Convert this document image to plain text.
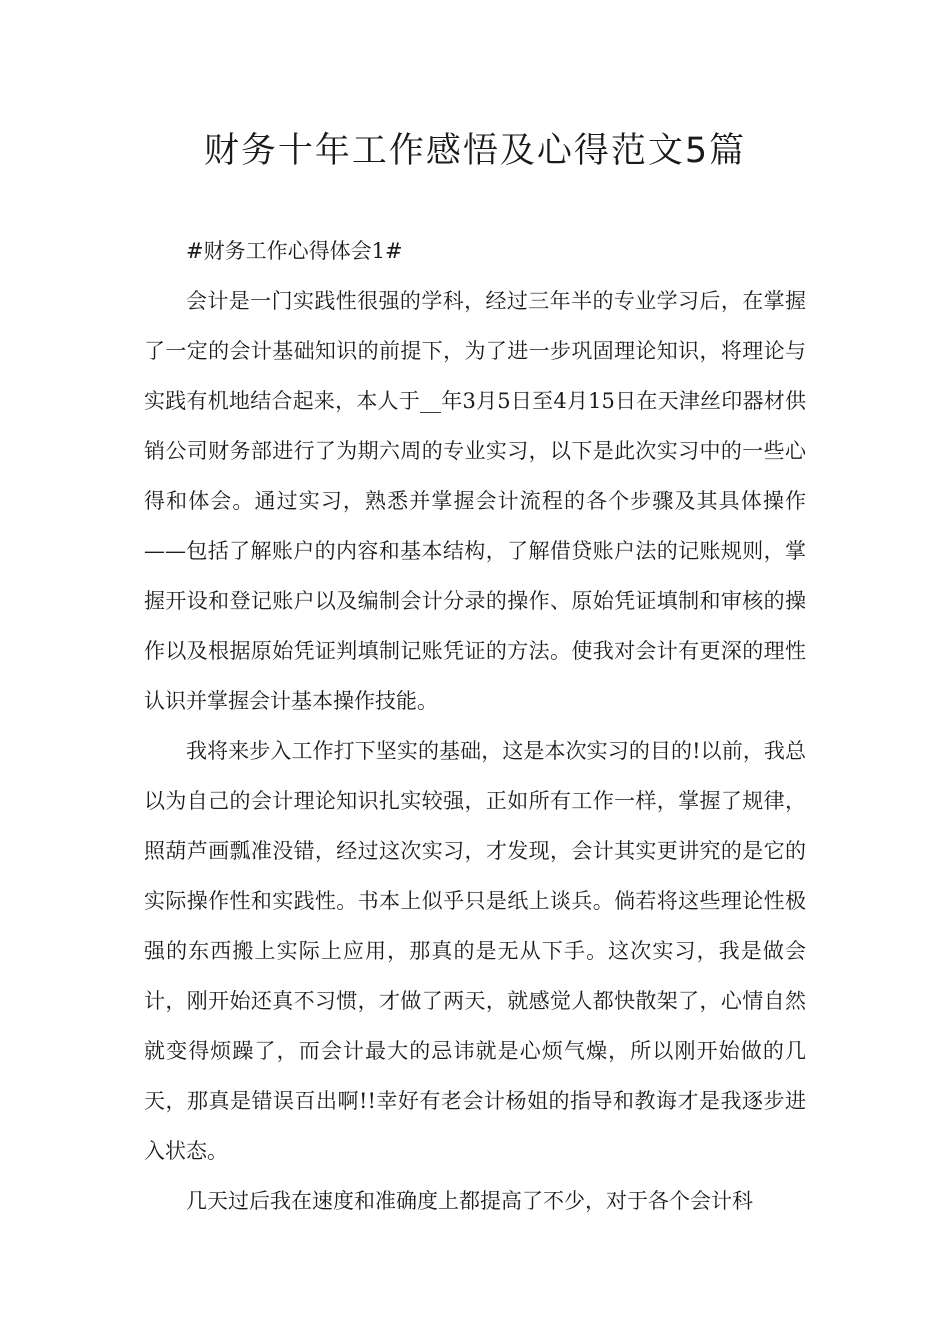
财务十年工作感悟及心得范文5篇

#财务工作心得体会1#

会计是一门实践性很强的学科，经过三年半的专业学习后，在掌握了一定的会计基础知识的前提下，为了进一步巩固理论知识，将理论与实践有机地结合起来，本人于__年3月5日至4月15日在天津丝印器材供销公司财务部进行了为期六周的专业实习，以下是此次实习中的一些心得和体会。通过实习，熟悉并掌握会计流程的各个步骤及其具体操作——包括了解账户的内容和基本结构，了解借贷账户法的记账规则，掌握开设和登记账户以及编制会计分录的操作、原始凭证填制和审核的操作以及根据原始凭证判填制记账凭证的方法。使我对会计有更深的理性认识并掌握会计基本操作技能。

我将来步入工作打下坚实的基础，这是本次实习的目的!以前，我总以为自己的会计理论知识扎实较强，正如所有工作一样，掌握了规律，照葫芦画瓢准没错，经过这次实习，才发现，会计其实更讲究的是它的实际操作性和实践性。书本上似乎只是纸上谈兵。倘若将这些理论性极强的东西搬上实际上应用，那真的是无从下手。这次实习，我是做会计，刚开始还真不习惯，才做了两天，就感觉人都快散架了，心情自然就变得烦躁了，而会计最大的忌讳就是心烦气燥，所以刚开始做的几天，那真是错误百出啊!!幸好有老会计杨姐的指导和教诲才是我逐步进入状态。

几天过后我在速度和准确度上都提高了不少，对于各个会计科
